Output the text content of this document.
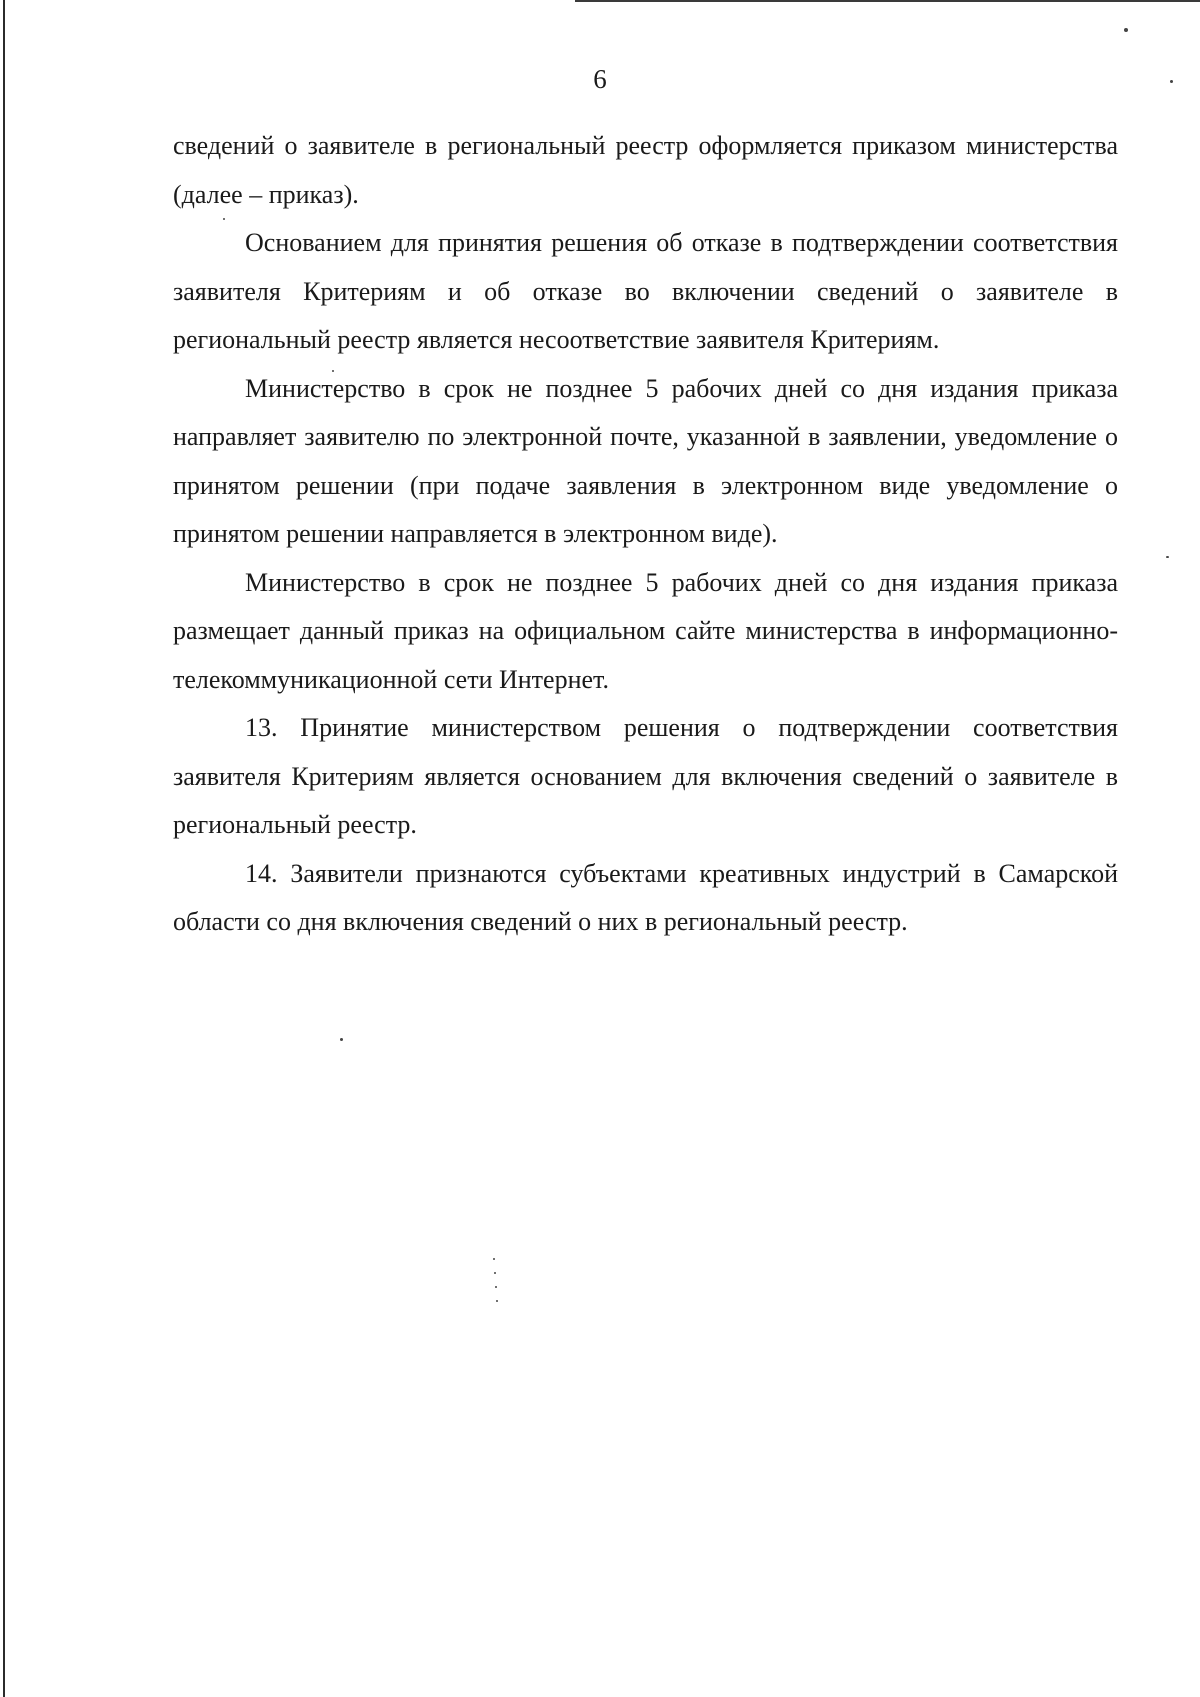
6

сведений о заявителе в региональный реестр оформляется приказом министерства (далее – приказ).

Основанием для принятия решения об отказе в подтверждении соответствия заявителя Критериям и об отказе во включении сведений о заявителе в региональный реестр является несоответствие заявителя Критериям.

Министерство в срок не позднее 5 рабочих дней со дня издания приказа направляет заявителю по электронной почте, указанной в заявлении, уведомление о принятом решении (при подаче заявления в электронном виде уведомление о принятом решении направляется в электронном виде).

Министерство в срок не позднее 5 рабочих дней со дня издания приказа размещает данный приказ на официальном сайте министерства в информационно-телекоммуникационной сети Интернет.

13. Принятие министерством решения о подтверждении соответствия заявителя Критериям является основанием для включения сведений о заявителе в региональный реестр.

14. Заявители признаются субъектами креативных индустрий в Самарской области со дня включения сведений о них в региональный реестр.
